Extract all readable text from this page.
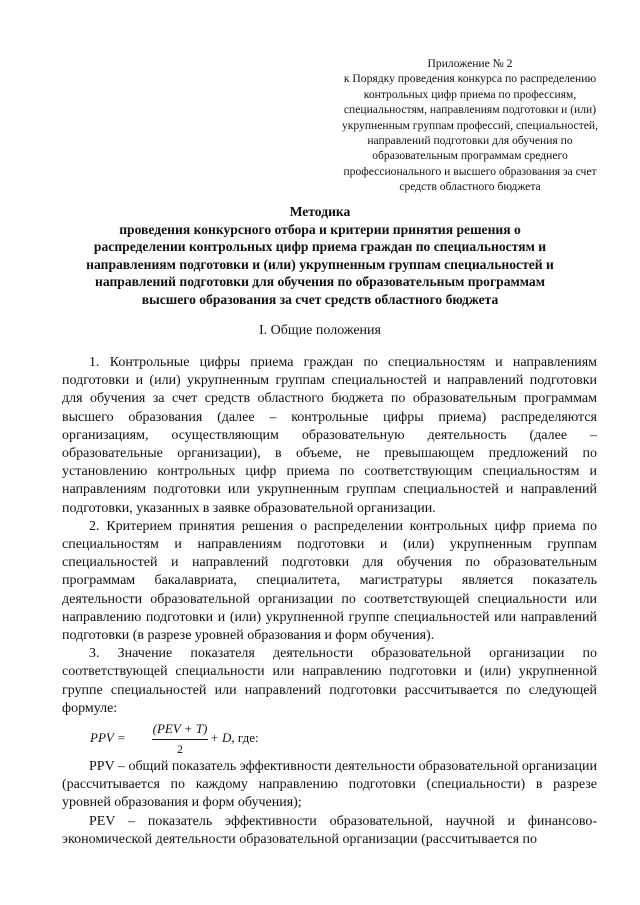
Приложение № 2
к Порядку проведения конкурса по распределению
контрольных цифр приема по профессиям,
специальностям, направлениям подготовки и (или)
укрупненным группам профессий, специальностей,
направлений подготовки для обучения по
образовательным программам среднего
профессионального и высшего образования за счет
средств областного бюджета
Методика
проведения конкурсного отбора и критерии принятия решения о
распределении контрольных цифр приема граждан по специальностям и
направлениям подготовки и (или) укрупненным группам специальностей и
направлений подготовки для обучения по образовательным программам
высшего образования за счет средств областного бюджета
I. Общие положения

1. Контрольные цифры приема граждан по специальностям и направлениям подготовки и (или) укрупненным группам специальностей и направлений подготовки для обучения за счет средств областного бюджета по образовательным программам высшего образования (далее – контрольные цифры приема) распределяются организациям, осуществляющим образовательную деятельность (далее – образовательные организации), в объеме, не превышающем предложений по установлению контрольных цифр приема по соответствующим специальностям и направлениям подготовки или укрупненным группам специальностей и направлений подготовки, указанных в заявке образовательной организации.

2. Критерием принятия решения о распределении контрольных цифр приема по специальностям и направлениям подготовки и (или) укрупненным группам специальностей и направлений подготовки для обучения по образовательным программам бакалавриата, специалитета, магистратуры является показатель деятельности образовательной организации по соответствующей специальности или направлению подготовки и (или) укрупненной группе специальностей или направлений подготовки (в разрезе уровней образования и форм обучения).

3. Значение показателя деятельности образовательной организации по соответствующей специальности или направлению подготовки и (или) укрупненной группе специальностей или направлений подготовки рассчитывается по следующей формуле:

PPV =
(PEV + T)
2
+ D, где:

PPV – общий показатель эффективности деятельности образовательной организации (рассчитывается по каждому направлению подготовки (специальности) в разрезе уровней образования и форм обучения);

PEV – показатель эффективности образовательной, научной и финансово-экономической деятельности образовательной организации (рассчитывается по
